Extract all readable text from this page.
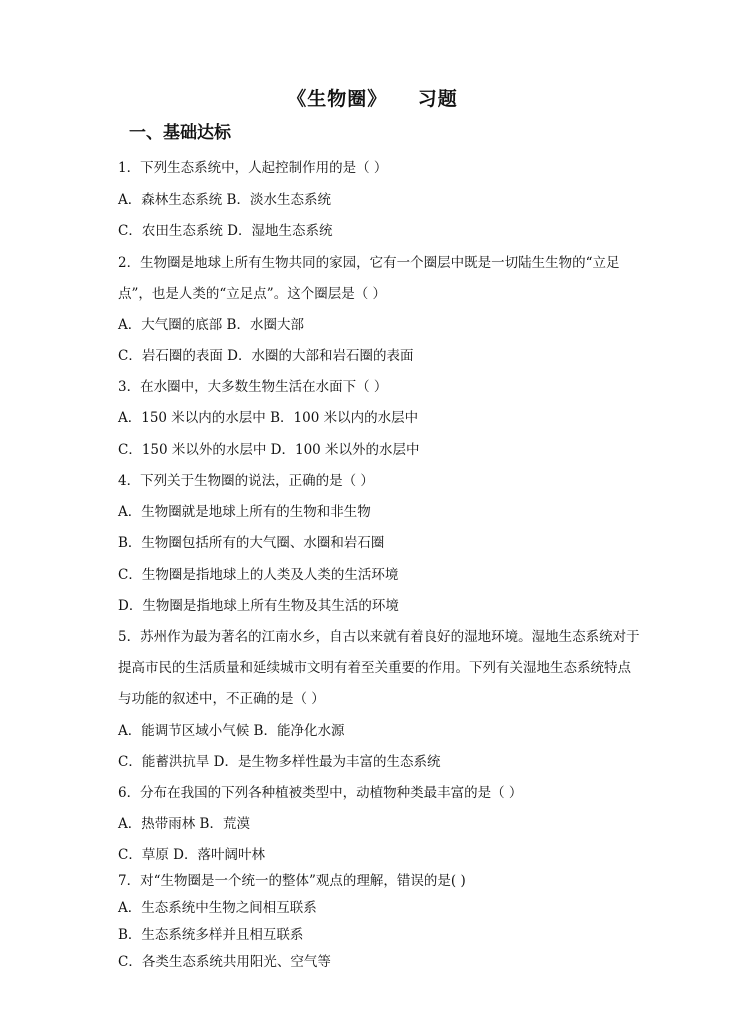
《生物圈》    习题
一、基础达标
1．下列生态系统中，人起控制作用的是（ ）
A．森林生态系统 B．淡水生态系统
C．农田生态系统 D．湿地生态系统
2．生物圈是地球上所有生物共同的家园，它有一个圈层中既是一切陆生生物的“立足
点”，也是人类的“立足点”。这个圈层是（ ）
A．大气圈的底部 B．水圈大部
C．岩石圈的表面 D．水圈的大部和岩石圈的表面
3．在水圈中，大多数生物生活在水面下（ ）
A．150 米以内的水层中 B．100 米以内的水层中
C．150 米以外的水层中 D．100 米以外的水层中
4．下列关于生物圈的说法，正确的是（ ）
A．生物圈就是地球上所有的生物和非生物
B．生物圈包括所有的大气圈、水圈和岩石圈
C．生物圈是指地球上的人类及人类的生活环境
D．生物圈是指地球上所有生物及其生活的环境
5．苏州作为最为著名的江南水乡，自古以来就有着良好的湿地环境。湿地生态系统对于
提高市民的生活质量和延续城市文明有着至关重要的作用。下列有关湿地生态系统特点
与功能的叙述中，不正确的是（ ）
A．能调节区域小气候 B．能净化水源
C．能蓄洪抗旱 D．是生物多样性最为丰富的生态系统
6．分布在我国的下列各种植被类型中，动植物种类最丰富的是（ ）
A．热带雨林 B．荒漠
C．草原 D．落叶阔叶林
7．对“生物圈是一个统一的整体”观点的理解，错误的是( )
A．生态系统中生物之间相互联系
B．生态系统多样并且相互联系
C．各类生态系统共用阳光、空气等
